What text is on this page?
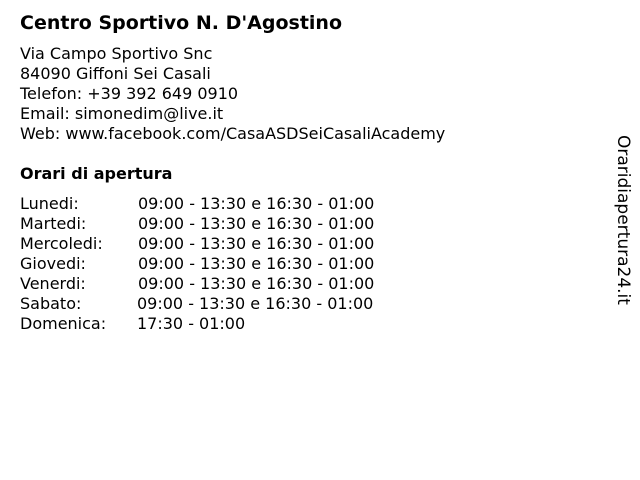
Centro Sportivo N. D'Agostino
Via Campo Sportivo Snc
84090 Giffoni Sei Casali
Telefon: +39 392 649 0910
Email: simonedim@live.it
Web: www.facebook.com/CasaASDSeiCasaliAcademy
Orari di apertura
Lunedi:	09:00 - 13:30 e 16:30 - 01:00
Martedi:	09:00 - 13:30 e 16:30 - 01:00
Mercoledi: 09:00 - 13:30 e 16:30 - 01:00
Giovedi:	09:00 - 13:30 e 16:30 - 01:00
Venerdi:	09:00 - 13:30 e 16:30 - 01:00
Sabato:	09:00 - 13:30 e 16:30 - 01:00
Domenica: 17:30 - 01:00
Oraridiapertura24.it
